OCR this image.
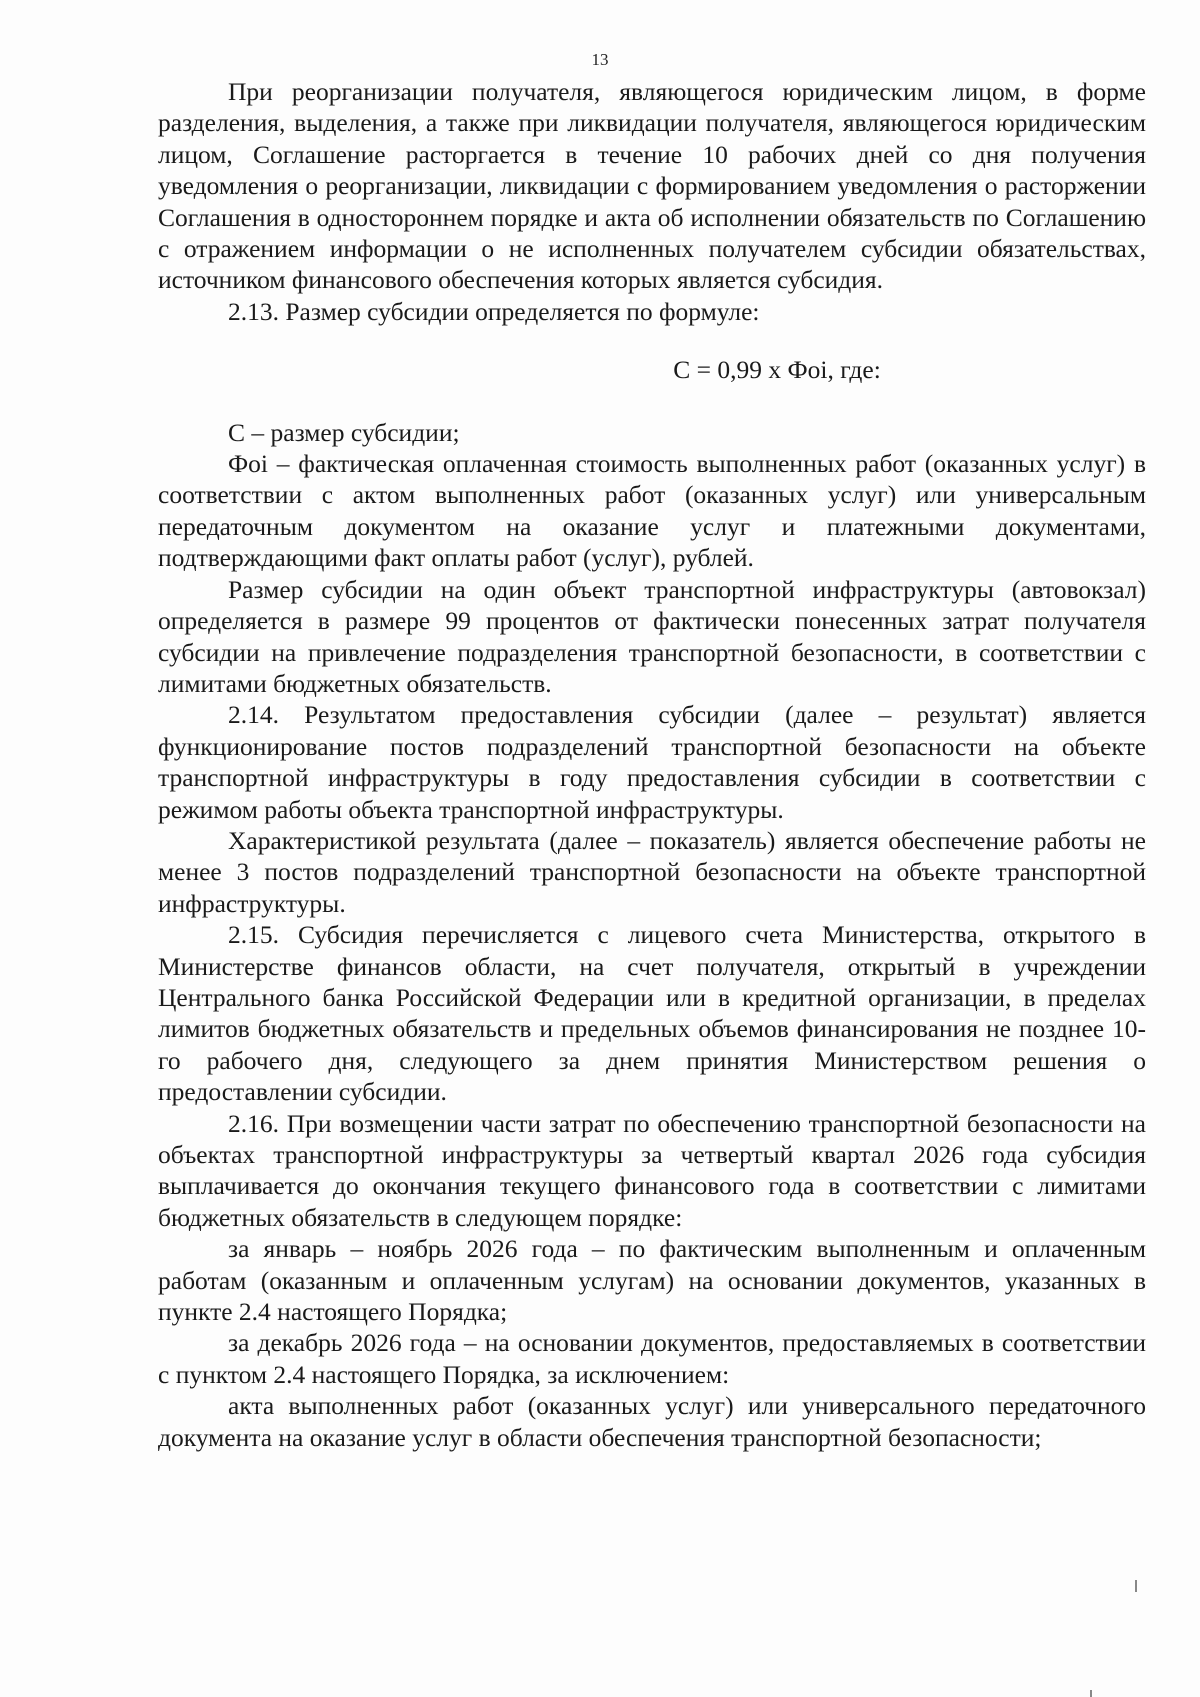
13

При реорганизации получателя, являющегося юридическим лицом, в форме разделения, выделения, а также при ликвидации получателя, являющегося юридическим лицом, Соглашение расторгается в течение 10 рабочих дней со дня получения уведомления о реорганизации, ликвидации с формированием уведомления о расторжении Соглашения в одностороннем порядке и акта об исполнении обязательств по Соглашению с отражением информации о не исполненных получателем субсидии обязательствах, источником финансового обеспечения которых является субсидия.

2.13. Размер субсидии определяется по формуле:

С = 0,99 х Фоi, где:

С – размер субсидии;

Фоi – фактическая оплаченная стоимость выполненных работ (оказанных услуг) в соответствии с актом выполненных работ (оказанных услуг) или универсальным передаточным документом на оказание услуг и платежными документами, подтверждающими факт оплаты работ (услуг), рублей.

Размер субсидии на один объект транспортной инфраструктуры (автовокзал) определяется в размере 99 процентов от фактически понесенных затрат получателя субсидии на привлечение подразделения транспортной безопасности, в соответствии с лимитами бюджетных обязательств.

2.14. Результатом предоставления субсидии (далее – результат) является функционирование постов подразделений транспортной безопасности на объекте транспортной инфраструктуры в году предоставления субсидии в соответствии с режимом работы объекта транспортной инфраструктуры.

Характеристикой результата (далее – показатель) является обеспечение работы не менее 3 постов подразделений транспортной безопасности на объекте транспортной инфраструктуры.

2.15. Субсидия перечисляется с лицевого счета Министерства, открытого в Министерстве финансов области, на счет получателя, открытый в учреждении Центрального банка Российской Федерации или в кредитной организации, в пределах лимитов бюджетных обязательств и предельных объемов финансирования не позднее 10-го рабочего дня, следующего за днем принятия Министерством решения о предоставлении субсидии.

2.16. При возмещении части затрат по обеспечению транспортной безопасности на объектах транспортной инфраструктуры за четвертый квартал 2026 года субсидия выплачивается до окончания текущего финансового года в соответствии с лимитами бюджетных обязательств в следующем порядке:

за январь – ноябрь 2026 года – по фактическим выполненным и оплаченным работам (оказанным и оплаченным услугам) на основании документов, указанных в пункте 2.4 настоящего Порядка;

за декабрь 2026 года – на основании документов, предоставляемых в соответствии с пунктом 2.4 настоящего Порядка, за исключением:

акта выполненных работ (оказанных услуг) или универсального передаточного документа на оказание услуг в области обеспечения транспортной безопасности;
